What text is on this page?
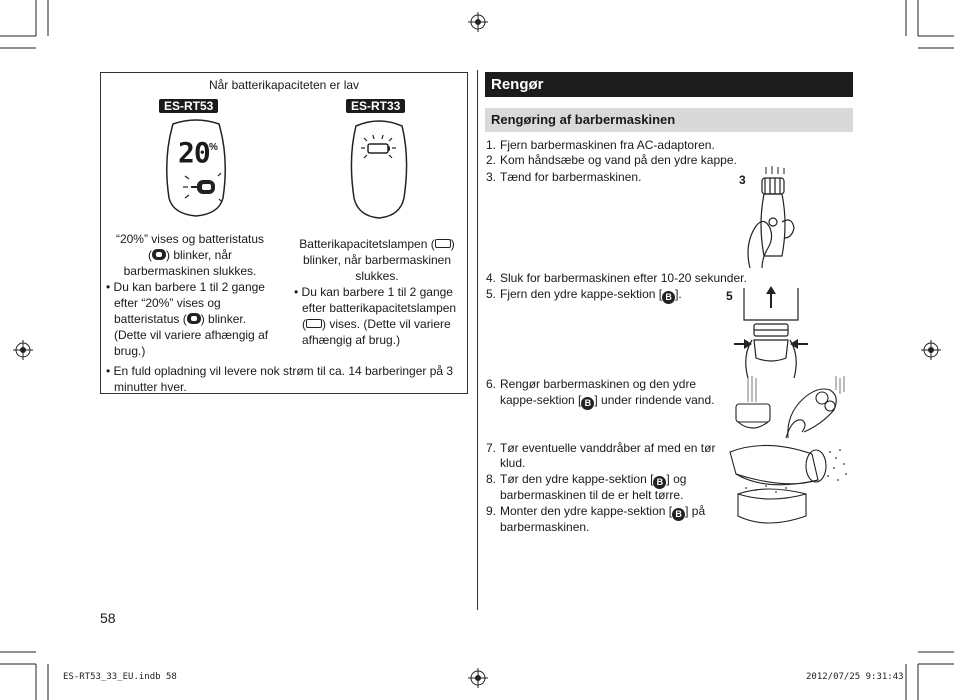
Når batterikapaciteten er lav
ES-RT53	ES-RT33
20 %
“20%” vises og batteristatus
( ) blinker, når
barbermaskinen slukkes.
• Du kan barbere 1 til 2 gange
efter “20%” vises og
batteristatus ( ) blinker.
(Dette vil variere afhængig af
brug.)
Batterikapacitetslampen ( )
blinker, når barbermaskinen
slukkes.
• Du kan barbere 1 til 2 gange
efter batterikapacitetslampen
( ) vises. (Dette vil variere
afhængig af brug.)
• En fuld opladning vil levere nok strøm til ca. 14 barberinger på 3
minutter hver.
Rengør
Rengøring af barbermaskinen
1. Fjern barbermaskinen fra AC-adaptoren.
2. Kom håndsæbe og vand på den ydre kappe.
3. Tænd for barbermaskinen.
4. Sluk for barbermaskinen efter 10-20 sekunder.
5. Fjern den ydre kappe-sektion [ B ].
6. Rengør barbermaskinen og den ydre
kappe-sektion [ B ] under rindende vand.
7. Tør eventuelle vanddråber af med en tør
klud.
8. Tør den ydre kappe-sektion [ B ] og
barbermaskinen til de er helt tørre.
9. Monter den ydre kappe-sektion [ B ] på
barbermaskinen.
3
5
58
ES-RT53_33_EU.indb 58	2012/07/25 9:31:43
